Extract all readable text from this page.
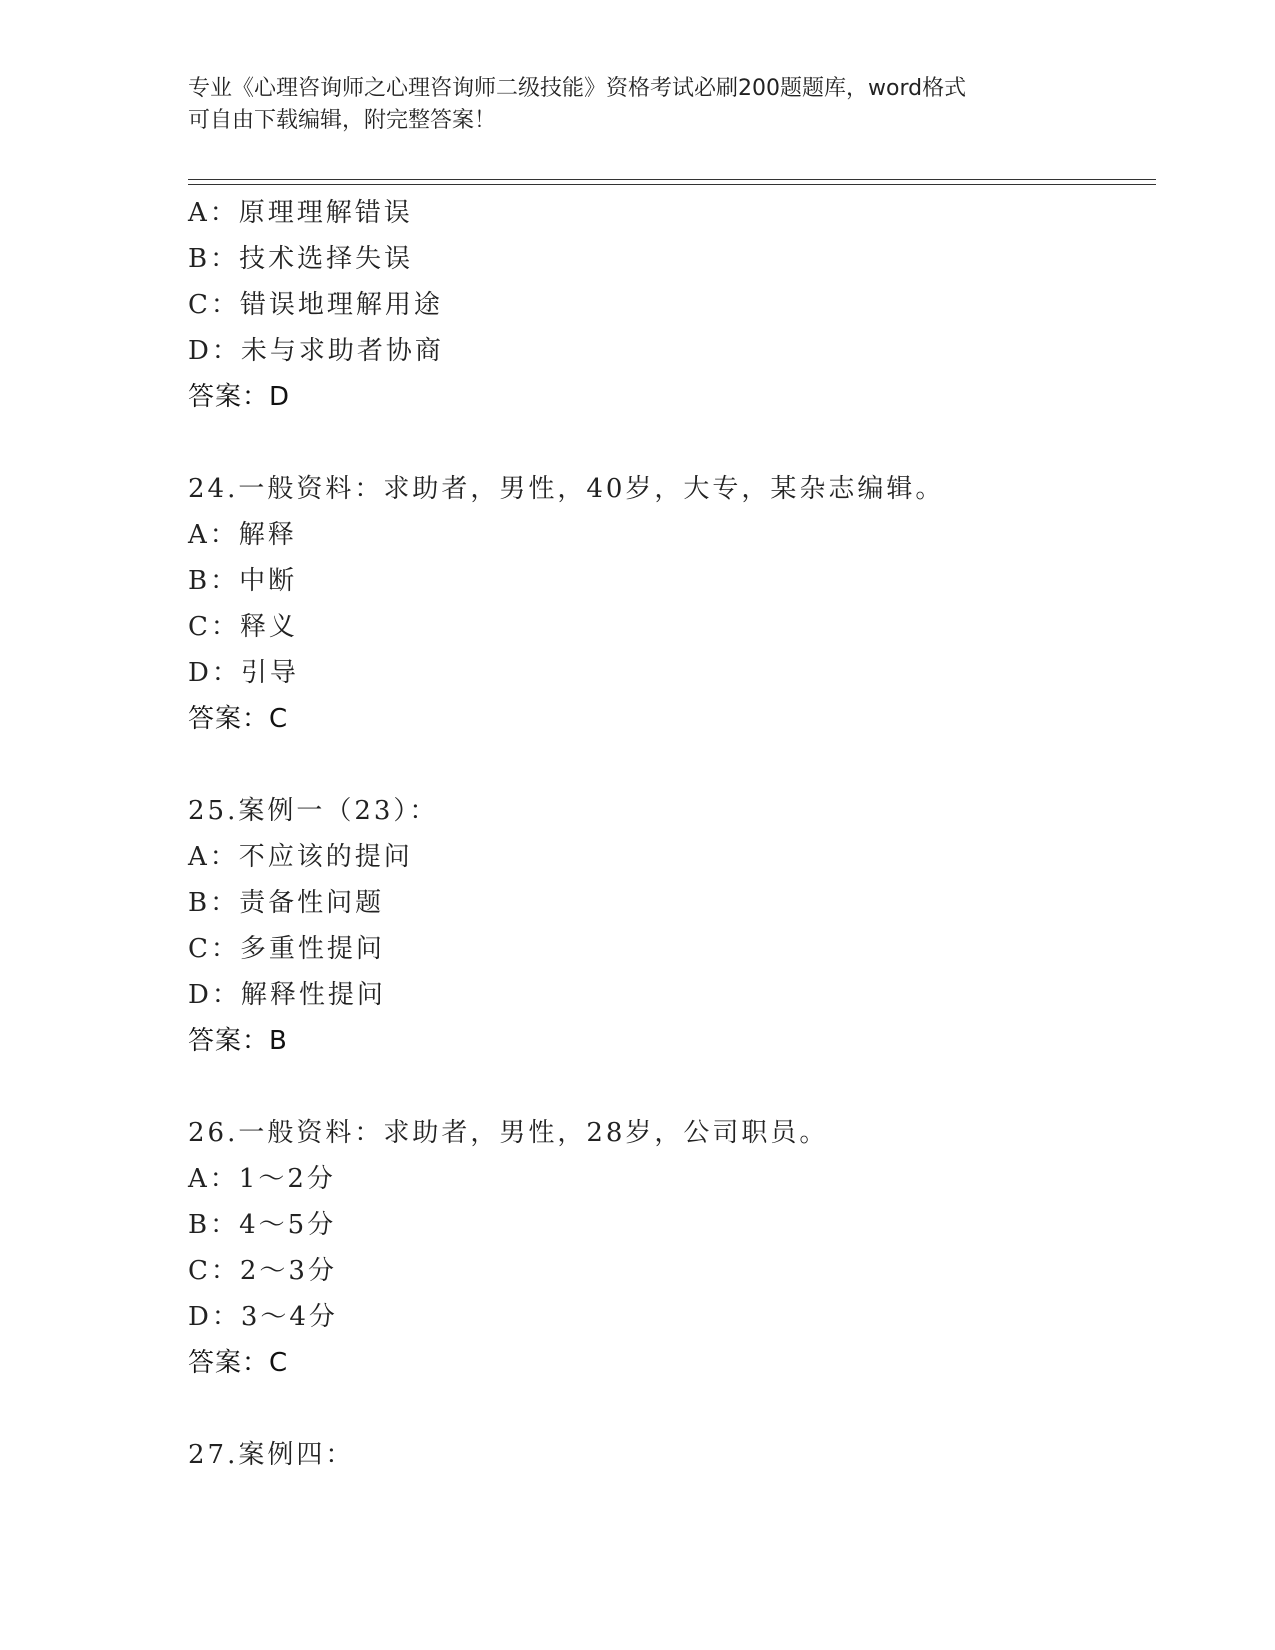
专业《心理咨询师之心理咨询师二级技能》资格考试必刷200题题库，word格式
可自由下载编辑，附完整答案！
A：原理理解错误
B：技术选择失误
C：错误地理解用途
D：未与求助者协商
答案：D
24.一般资料：求助者，男性，40岁，大专，某杂志编辑。
A：解释
B：中断
C：释义
D：引导
答案：C
25.案例一（23）：
A：不应该的提问
B：责备性问题
C：多重性提问
D：解释性提问
答案：B
26.一般资料：求助者，男性，28岁，公司职员。
A：1～2分
B：4～5分
C：2～3分
D：3～4分
答案：C
27.案例四：
